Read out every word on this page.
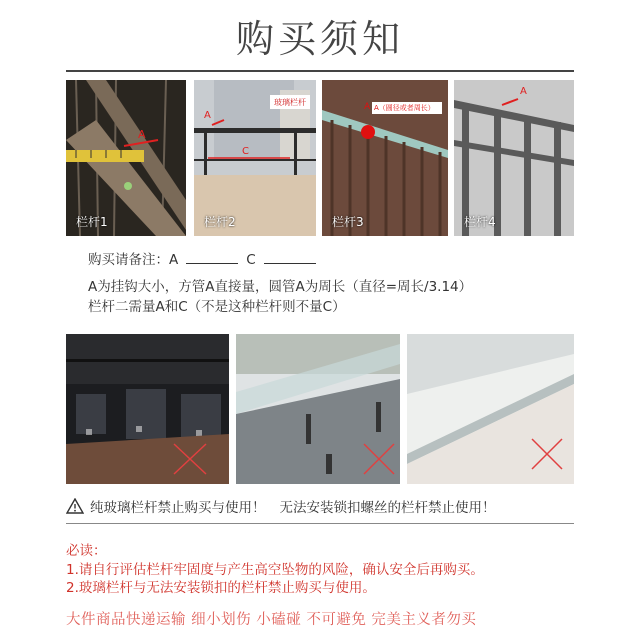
购买须知
A
栏杆1
玻璃栏杆
A
C
栏杆2
A A（圆径或者周长）
栏杆3
A
栏杆4
购买请备注：A	C
A为挂钩大小，方管A直接量，圆管A为周长（直径=周长/3.14）
栏杆二需量A和C（不是这种栏杆则不量C）
纯玻璃栏杆禁止购买与使用！ 无法安装锁扣螺丝的栏杆禁止使用！
必读：
1.请自行评估栏杆牢固度与产生高空坠物的风险，确认安全后再购买。
2.玻璃栏杆与无法安装锁扣的栏杆禁止购买与使用。
大件商品快递运输 细小划伤 小磕碰 不可避免 完美主义者勿买
